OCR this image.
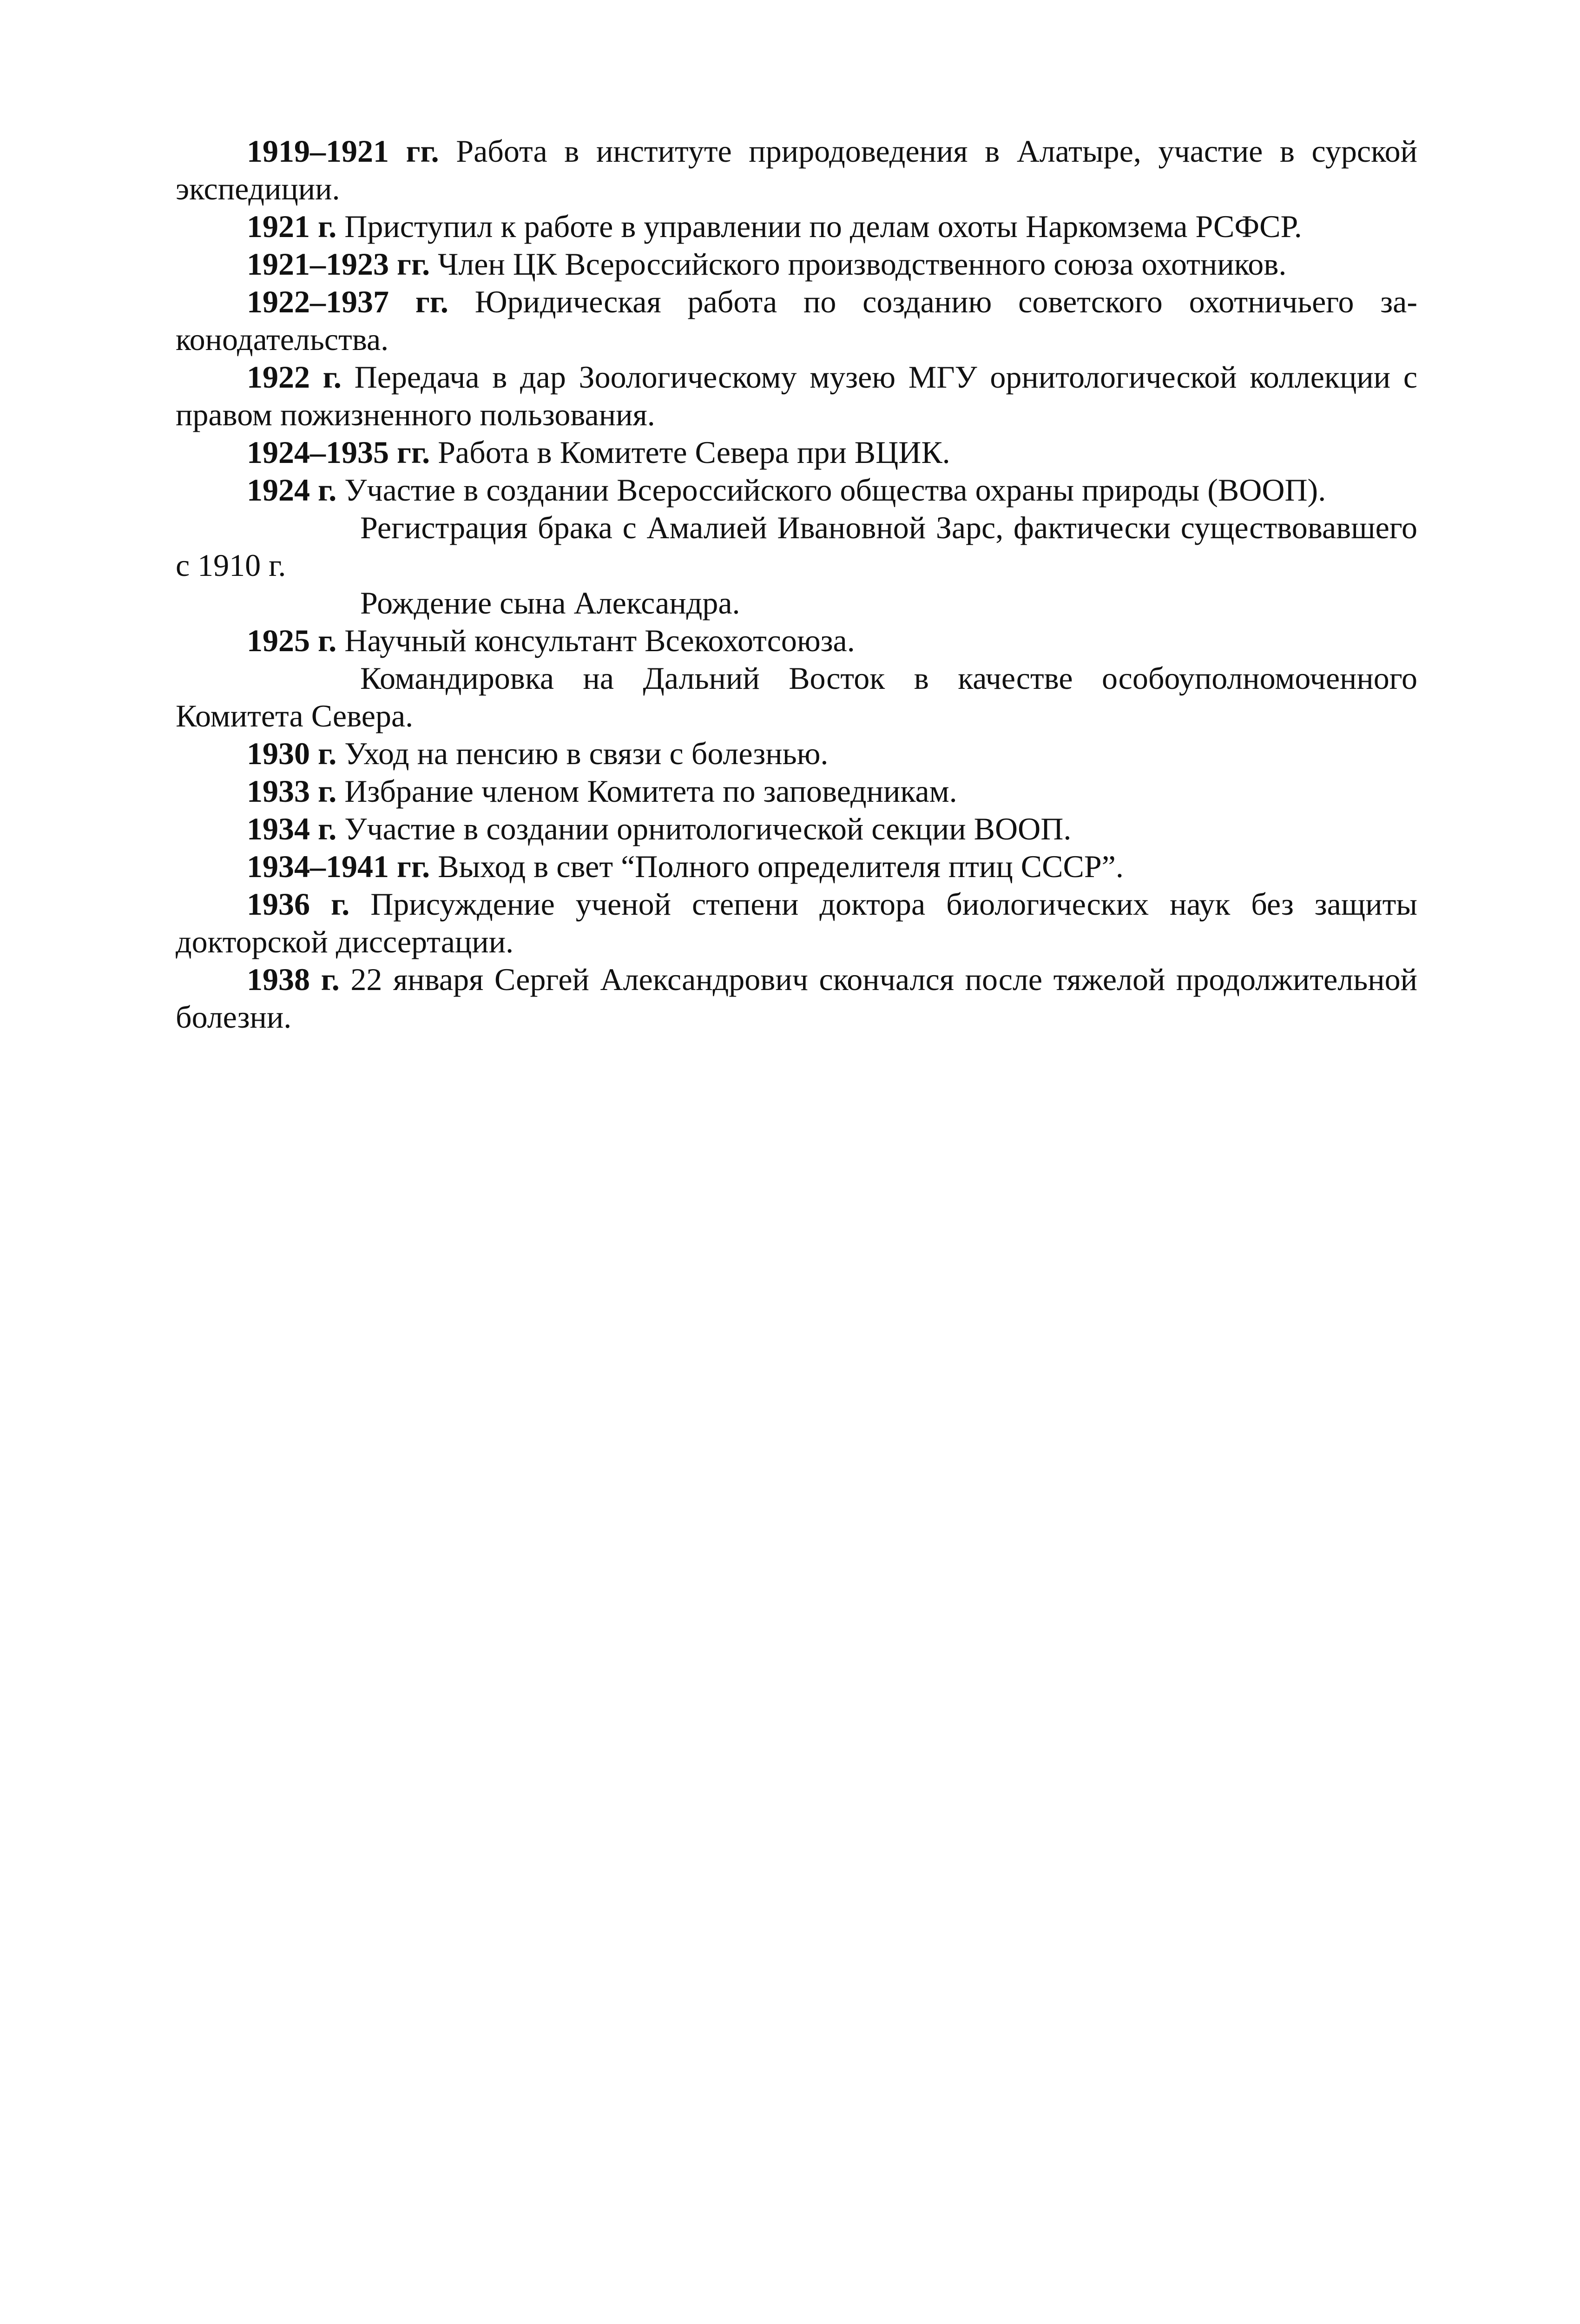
1919–1921 гг. Работа в институте природоведения в Алатыре, участие в сурской экспедиции.

1921 г. Приступил к работе в управлении по делам охоты Наркомзема РСФСР.

1921–1923 гг. Член ЦК Всероссийского производственного союза охотников.

1922–1937 гг. Юридическая работа по созданию советского охотничьего законодательства.

1922 г. Передача в дар Зоологическому музею МГУ орнитологической коллекции с правом пожизненного пользования.

1924–1935 гг. Работа в Комитете Севера при ВЦИК.

1924 г. Участие в создании Всероссийского общества охраны природы (ВООП).

Регистрация брака с Амалией Ивановной Зарс, фактически существовавшего с 1910 г.

Рождение сына Александра.

1925 г. Научный консультант Всекохотсоюза.

Командировка на Дальний Восток в качестве особоуполномоченного Комитета Севера.

1930 г. Уход на пенсию в связи с болезнью.

1933 г. Избрание членом Комитета по заповедникам.

1934 г. Участие в создании орнитологической секции ВООП.

1934–1941 гг. Выход в свет “Полного определителя птиц СССР”.

1936 г. Присуждение ученой степени доктора биологических наук без защиты докторской диссертации.

1938 г. 22 января Сергей Александрович скончался после тяжелой продолжительной болезни.
